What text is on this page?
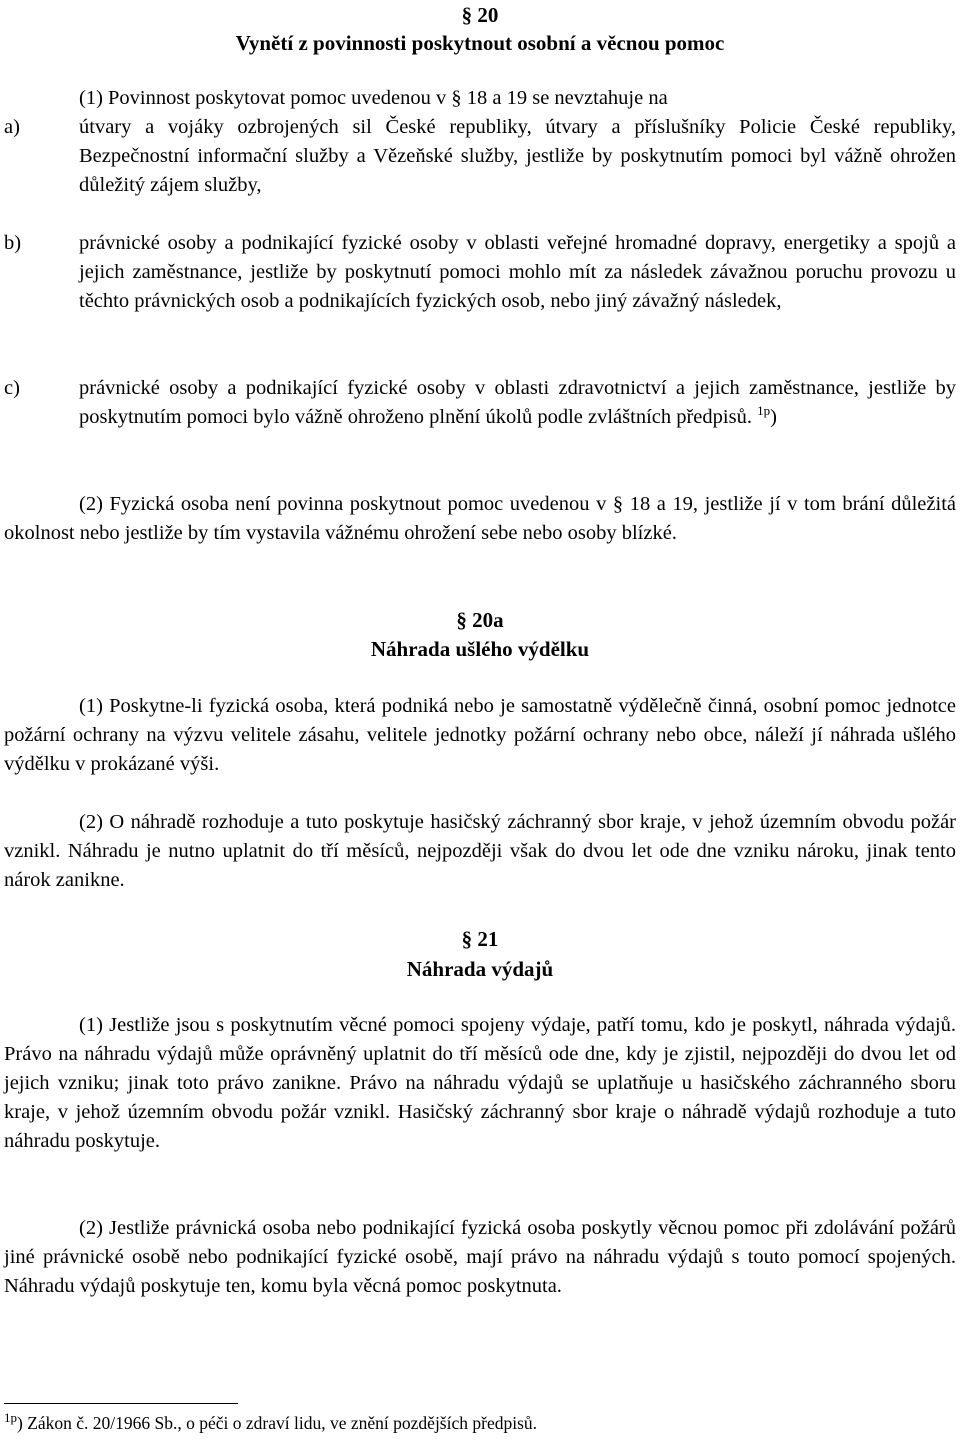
§ 20
Vynětí z povinnosti poskytnout osobní a věcnou pomoc

(1) Povinnost poskytovat pomoc uvedenou v § 18 a 19 se nevztahuje na

a)	útvary a vojáky ozbrojených sil České republiky, útvary a příslušníky Policie České republiky, Bezpečnostní informační služby a Vězeňské služby, jestliže by poskytnutím pomoci byl vážně ohrožen důležitý zájem služby,
b)	právnické osoby a podnikající fyzické osoby v oblasti veřejné hromadné dopravy, energetiky a spojů a jejich zaměstnance, jestliže by poskytnutí pomoci mohlo mít za následek závažnou poruchu provozu u těchto právnických osob a podnikajících fyzických osob, nebo jiný závažný následek,
c)	právnické osoby a podnikající fyzické osoby v oblasti zdravotnictví a jejich zaměstnance, jestliže by poskytnutím pomoci bylo vážně ohroženo plnění úkolů podle zvláštních předpisů. $^{1p}$)

(2) Fyzická osoba není povinna poskytnout pomoc uvedenou v § 18 a 19, jestliže jí v tom brání důležitá okolnost nebo jestliže by tím vystavila vážnému ohrožení sebe nebo osoby blízké.

§ 20a
Náhrada ušlého výdělku

(1) Poskytne-li fyzická osoba, která podniká nebo je samostatně výdělečně činná, osobní pomoc jednotce požární ochrany na výzvu velitele zásahu, velitele jednotky požární ochrany nebo obce, náleží jí náhrada ušlého výdělku v prokázané výši.

(2) O náhradě rozhoduje a tuto poskytuje hasičský záchranný sbor kraje, v jehož územním obvodu požár vznikl. Náhradu je nutno uplatnit do tří měsíců, nejpozději však do dvou let ode dne vzniku nároku, jinak tento nárok zanikne.

§ 21
Náhrada výdajů

(1) Jestliže jsou s poskytnutím věcné pomoci spojeny výdaje, patří tomu, kdo je poskytl, náhrada výdajů. Právo na náhradu výdajů může oprávněný uplatnit do tří měsíců ode dne, kdy je zjistil, nejpozději do dvou let od jejich vzniku; jinak toto právo zanikne. Právo na náhradu výdajů se uplatňuje u hasičského záchranného sboru kraje, v jehož územním obvodu požár vznikl. Hasičský záchranný sbor kraje o náhradě výdajů rozhoduje a tuto náhradu poskytuje.

(2) Jestliže právnická osoba nebo podnikající fyzická osoba poskytly věcnou pomoc při zdolávání požárů jiné právnické osobě nebo podnikající fyzické osobě, mají právo na náhradu výdajů s touto pomocí spojených. Náhradu výdajů poskytuje ten, komu byla věcná pomoc poskytnuta.

$^{1p}$) Zákon č. 20/1966 Sb., o péči o zdraví lidu, ve znění pozdějších předpisů.
